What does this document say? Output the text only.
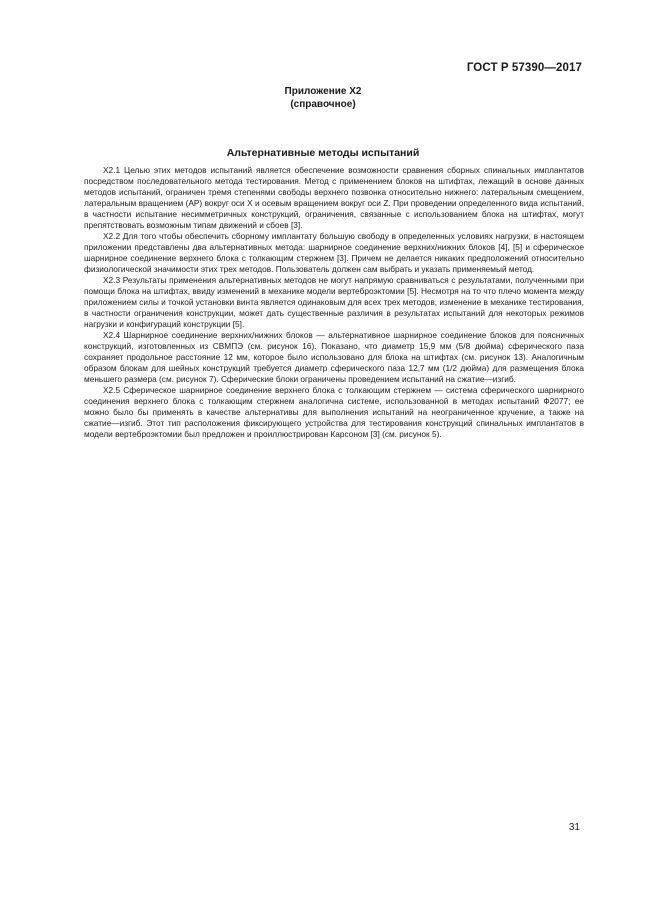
ГОСТ Р 57390—2017
Приложение Х2
(справочное)
Альтернативные методы испытаний

Х2.1 Целью этих методов испытаний является обеспечение возможности сравнения сборных спинальных имплантатов посредством последовательного метода тестирования. Метод с применением блоков на штифтах, лежащий в основе данных методов испытаний, ограничен тремя степенями свободы верхнего позвонка относительно нижнего: латеральным смещением, латеральным вращением (AP) вокруг оси X и осевым вращением вокруг оси Z. При проведении определенного вида испытаний, в частности испытание несимметричных конструкций, ограничения, связанные с использованием блока на штифтах, могут препятствовать возможным типам движений и сбоев [3].

Х2.2 Для того чтобы обеспечить сборному имплантату большую свободу в определенных условиях нагрузки, в настоящем приложении представлены два альтернативных метода: шарнирное соединение верхних/нижних блоков [4], [5] и сферическое шарнирное соединение верхнего блока с толкающим стержнем [3]. Причем не делается никаких предположений относительно физиологической значимости этих трех методов. Пользователь должен сам выбрать и указать применяемый метод.

Х2.3 Результаты применения альтернативных методов не могут напрямую сравниваться с результатами, полученными при помощи блока на штифтах, ввиду изменений в механике модели вертеброэктомии [5]. Несмотря на то что плечо момента между приложением силы и точкой установки винта является одинаковым для всех трех методов, изменение в механике тестирования, в частности ограничения конструкции, может дать существенные различия в результатах испытаний для некоторых режимов нагрузки и конфигураций конструкции [5].

Х2.4 Шарнирное соединение верхних/нижних блоков — альтернативное шарнирное соединение блоков для поясничных конструкций, изготовленных из СВМПЭ (см. рисунок 16). Показано, что диаметр 15,9 мм (5/8 дюйма) сферического паза сохраняет продольное расстояние 12 мм, которое было использовано для блока на штифтах (см. рисунок 13). Аналогичным образом блокам для шейных конструкций требуется диаметр сферического паза 12,7 мм (1/2 дюйма) для размещения блока меньшего размера (см. рисунок 7). Сферические блоки ограничены проведением испытаний на сжатие—изгиб.

Х2.5 Сферическое шарнирное соединение верхнего блока с толкающим стержнем — система сферического шарнирного соединения верхнего блока с толкающим стержнем аналогична системе, использованной в методах испытаний Ф2077; ее можно было бы применять в качестве альтернативы для выполнения испытаний на неограниченное кручение, а также на сжатие—изгиб. Этот тип расположения фиксирующего устройства для тестирования конструкций спинальных имплантатов в модели вертеброэктомии был предложен и проиллюстрирован Карсоном [3] (см. рисунок 5).

31
